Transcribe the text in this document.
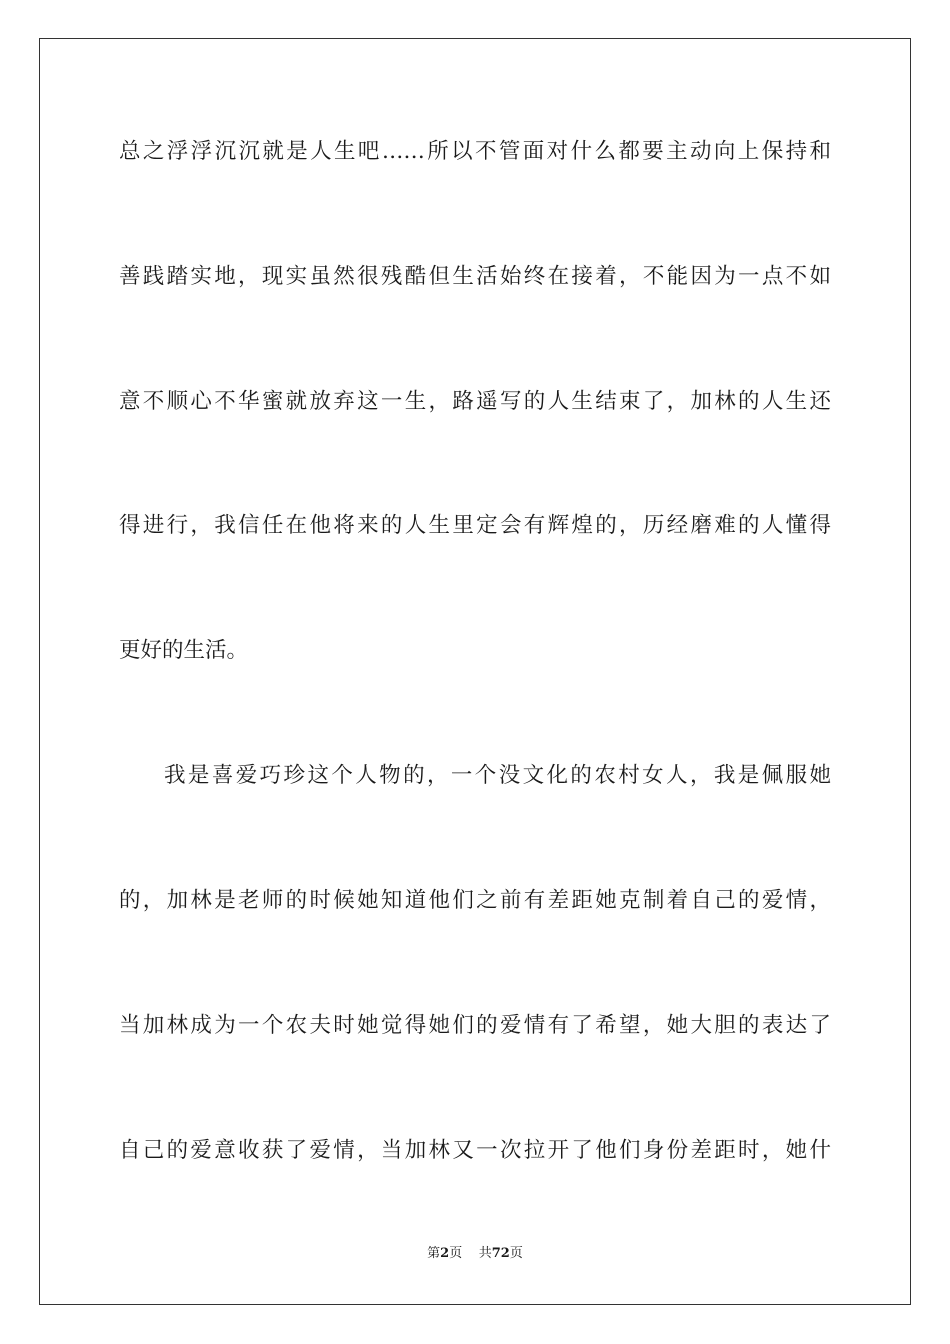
总之浮浮沉沉就是人生吧……所以不管面对什么都要主动向上保持和
善践踏实地，现实虽然很残酷但生活始终在接着，不能因为一点不如
意不顺心不华蜜就放弃这一生，路遥写的人生结束了，加林的人生还
得进行，我信任在他将来的人生里定会有辉煌的，历经磨难的人懂得
更好的生活。
我是喜爱巧珍这个人物的，一个没文化的农村女人，我是佩服她
的，加林是老师的时候她知道他们之前有差距她克制着自己的爱情，
当加林成为一个农夫时她觉得她们的爱情有了希望，她大胆的表达了
自己的爱意收获了爱情，当加林又一次拉开了他们身份差距时，她什
第2页 共72页
